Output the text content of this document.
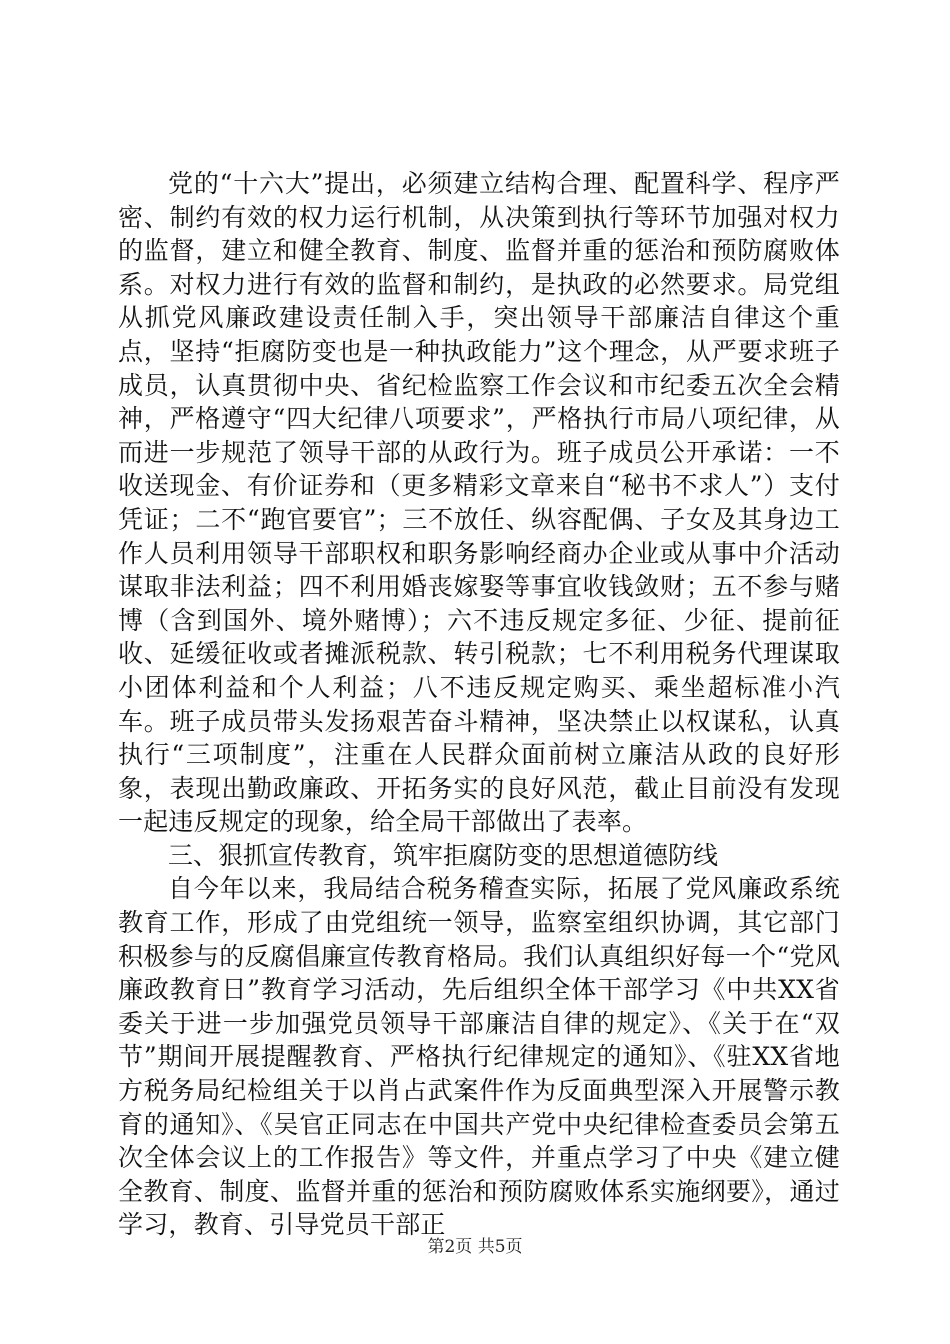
党的“十六大”提出，必须建立结构合理、配置科学、程序严密、制约有效的权力运行机制，从决策到执行等环节加强对权力的监督，建立和健全教育、制度、监督并重的惩治和预防腐败体系。对权力进行有效的监督和制约，是执政的必然要求。局党组从抓党风廉政建设责任制入手，突出领导干部廉洁自律这个重点，坚持“拒腐防变也是一种执政能力”这个理念，从严要求班子成员，认真贯彻中央、省纪检监察工作会议和市纪委五次全会精神，严格遵守“四大纪律八项要求”，严格执行市局八项纪律，从而进一步规范了领导干部的从政行为。班子成员公开承诺：一不收送现金、有价证券和（更多精彩文章来自“秘书不求人”）支付凭证；二不“跑官要官”；三不放任、纵容配偶、子女及其身边工作人员利用领导干部职权和职务影响经商办企业或从事中介活动谋取非法利益；四不利用婚丧嫁娶等事宜收钱敛财；五不参与赌博（含到国外、境外赌博）；六不违反规定多征、少征、提前征收、延缓征收或者摊派税款、转引税款；七不利用税务代理谋取小团体利益和个人利益；八不违反规定购买、乘坐超标准小汽车。班子成员带头发扬艰苦奋斗精神，坚决禁止以权谋私，认真执行“三项制度”，注重在人民群众面前树立廉洁从政的良好形象，表现出勤政廉政、开拓务实的良好风范，截止目前没有发现一起违反规定的现象，给全局干部做出了表率。

三、狠抓宣传教育，筑牢拒腐防变的思想道德防线

自今年以来，我局结合税务稽查实际，拓展了党风廉政系统教育工作，形成了由党组统一领导，监察室组织协调，其它部门积极参与的反腐倡廉宣传教育格局。我们认真组织好每一个“党风廉政教育日”教育学习活动，先后组织全体干部学习《中共XX省委关于进一步加强党员领导干部廉洁自律的规定》、《关于在“双节”期间开展提醒教育、严格执行纪律规定的通知》、《驻XX省地方税务局纪检组关于以肖占武案件作为反面典型深入开展警示教育的通知》、《吴官正同志在中国共产党中央纪律检查委员会第五次全体会议上的工作报告》等文件，并重点学习了中央《建立健全教育、制度、监督并重的惩治和预防腐败体系实施纲要》，通过学习，教育、引导党员干部正

第2页 共5页
